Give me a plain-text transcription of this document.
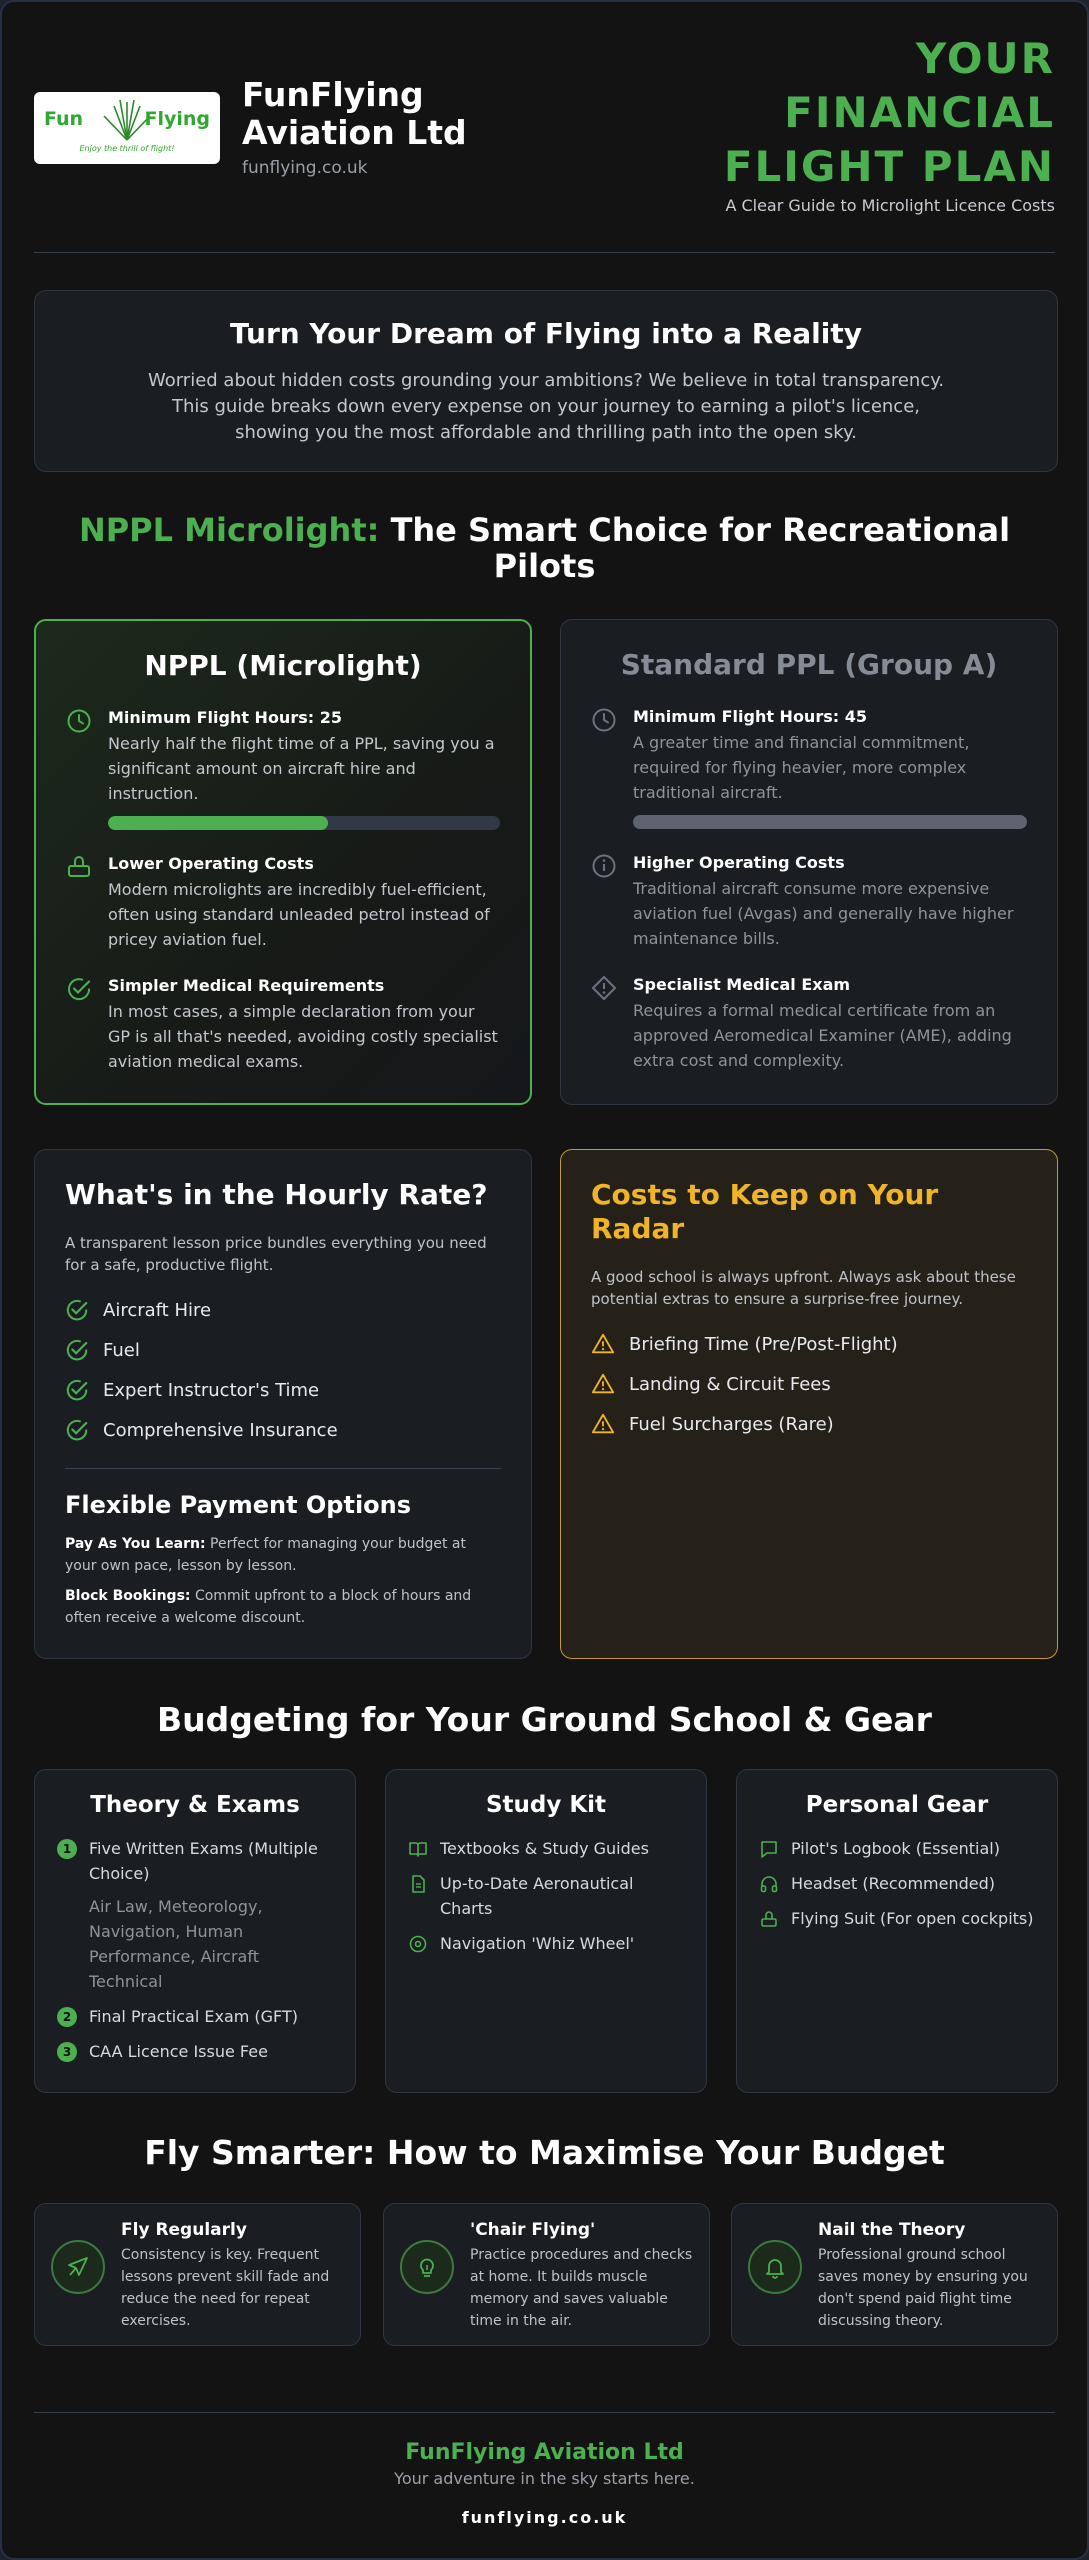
Fun	Flying
Enjoy the thrill of flight!
FunFlying Aviation Ltd
funflying.co.uk
YOUR
FINANCIAL
FLIGHT PLAN
A Clear Guide to Microlight Licence Costs
Turn Your Dream of Flying into a Reality

Worried about hidden costs grounding your ambitions? We believe in total transparency. This guide breaks down every expense on your journey to earning a pilot's licence, showing you the most affordable and thrilling path into the open sky.

NPPL Microlight: The Smart Choice for Recreational Pilots
NPPL (Microlight)
Minimum Flight Hours: 25
Nearly half the flight time of a PPL, saving you a significant amount on aircraft hire and instruction.
Lower Operating Costs
Modern microlights are incredibly fuel-efficient, often using standard unleaded petrol instead of pricey aviation fuel.
Simpler Medical Requirements
In most cases, a simple declaration from your GP is all that's needed, avoiding costly specialist aviation medical exams.
Standard PPL (Group A)
Minimum Flight Hours: 45
A greater time and financial commitment, required for flying heavier, more complex traditional aircraft.
Higher Operating Costs
Traditional aircraft consume more expensive aviation fuel (Avgas) and generally have higher maintenance bills.
Specialist Medical Exam
Requires a formal medical certificate from an approved Aeromedical Examiner (AME), adding extra cost and complexity.
What's in the Hourly Rate?
A transparent lesson price bundles everything you need for a safe, productive flight.
Aircraft Hire
Fuel
Expert Instructor's Time
Comprehensive Insurance
Flexible Payment Options
Pay As You Learn: Perfect for managing your budget at your own pace, lesson by lesson.
Block Bookings: Commit upfront to a block of hours and often receive a welcome discount.
Costs to Keep on Your Radar
A good school is always upfront. Always ask about these potential extras to ensure a surprise-free journey.
Briefing Time (Pre/Post-Flight)
Landing & Circuit Fees
Fuel Surcharges (Rare)
Budgeting for Your Ground School & Gear
Theory & Exams
1	Five Written Exams (Multiple Choice)
Air Law, Meteorology, Navigation, Human Performance, Aircraft Technical
2	Final Practical Exam (GFT)
3	CAA Licence Issue Fee
Study Kit
Textbooks & Study Guides
Up-to-Date Aeronautical Charts
Navigation 'Whiz Wheel'
Personal Gear
Pilot's Logbook (Essential)
Headset (Recommended)
Flying Suit (For open cockpits)
Fly Smarter: How to Maximise Your Budget
Fly Regularly
Consistency is key. Frequent lessons prevent skill fade and reduce the need for repeat exercises.
'Chair Flying'
Practice procedures and checks at home. It builds muscle memory and saves valuable time in the air.
Nail the Theory
Professional ground school saves money by ensuring you don't spend paid flight time discussing theory.
FunFlying Aviation Ltd
Your adventure in the sky starts here.
funflying.co.uk
